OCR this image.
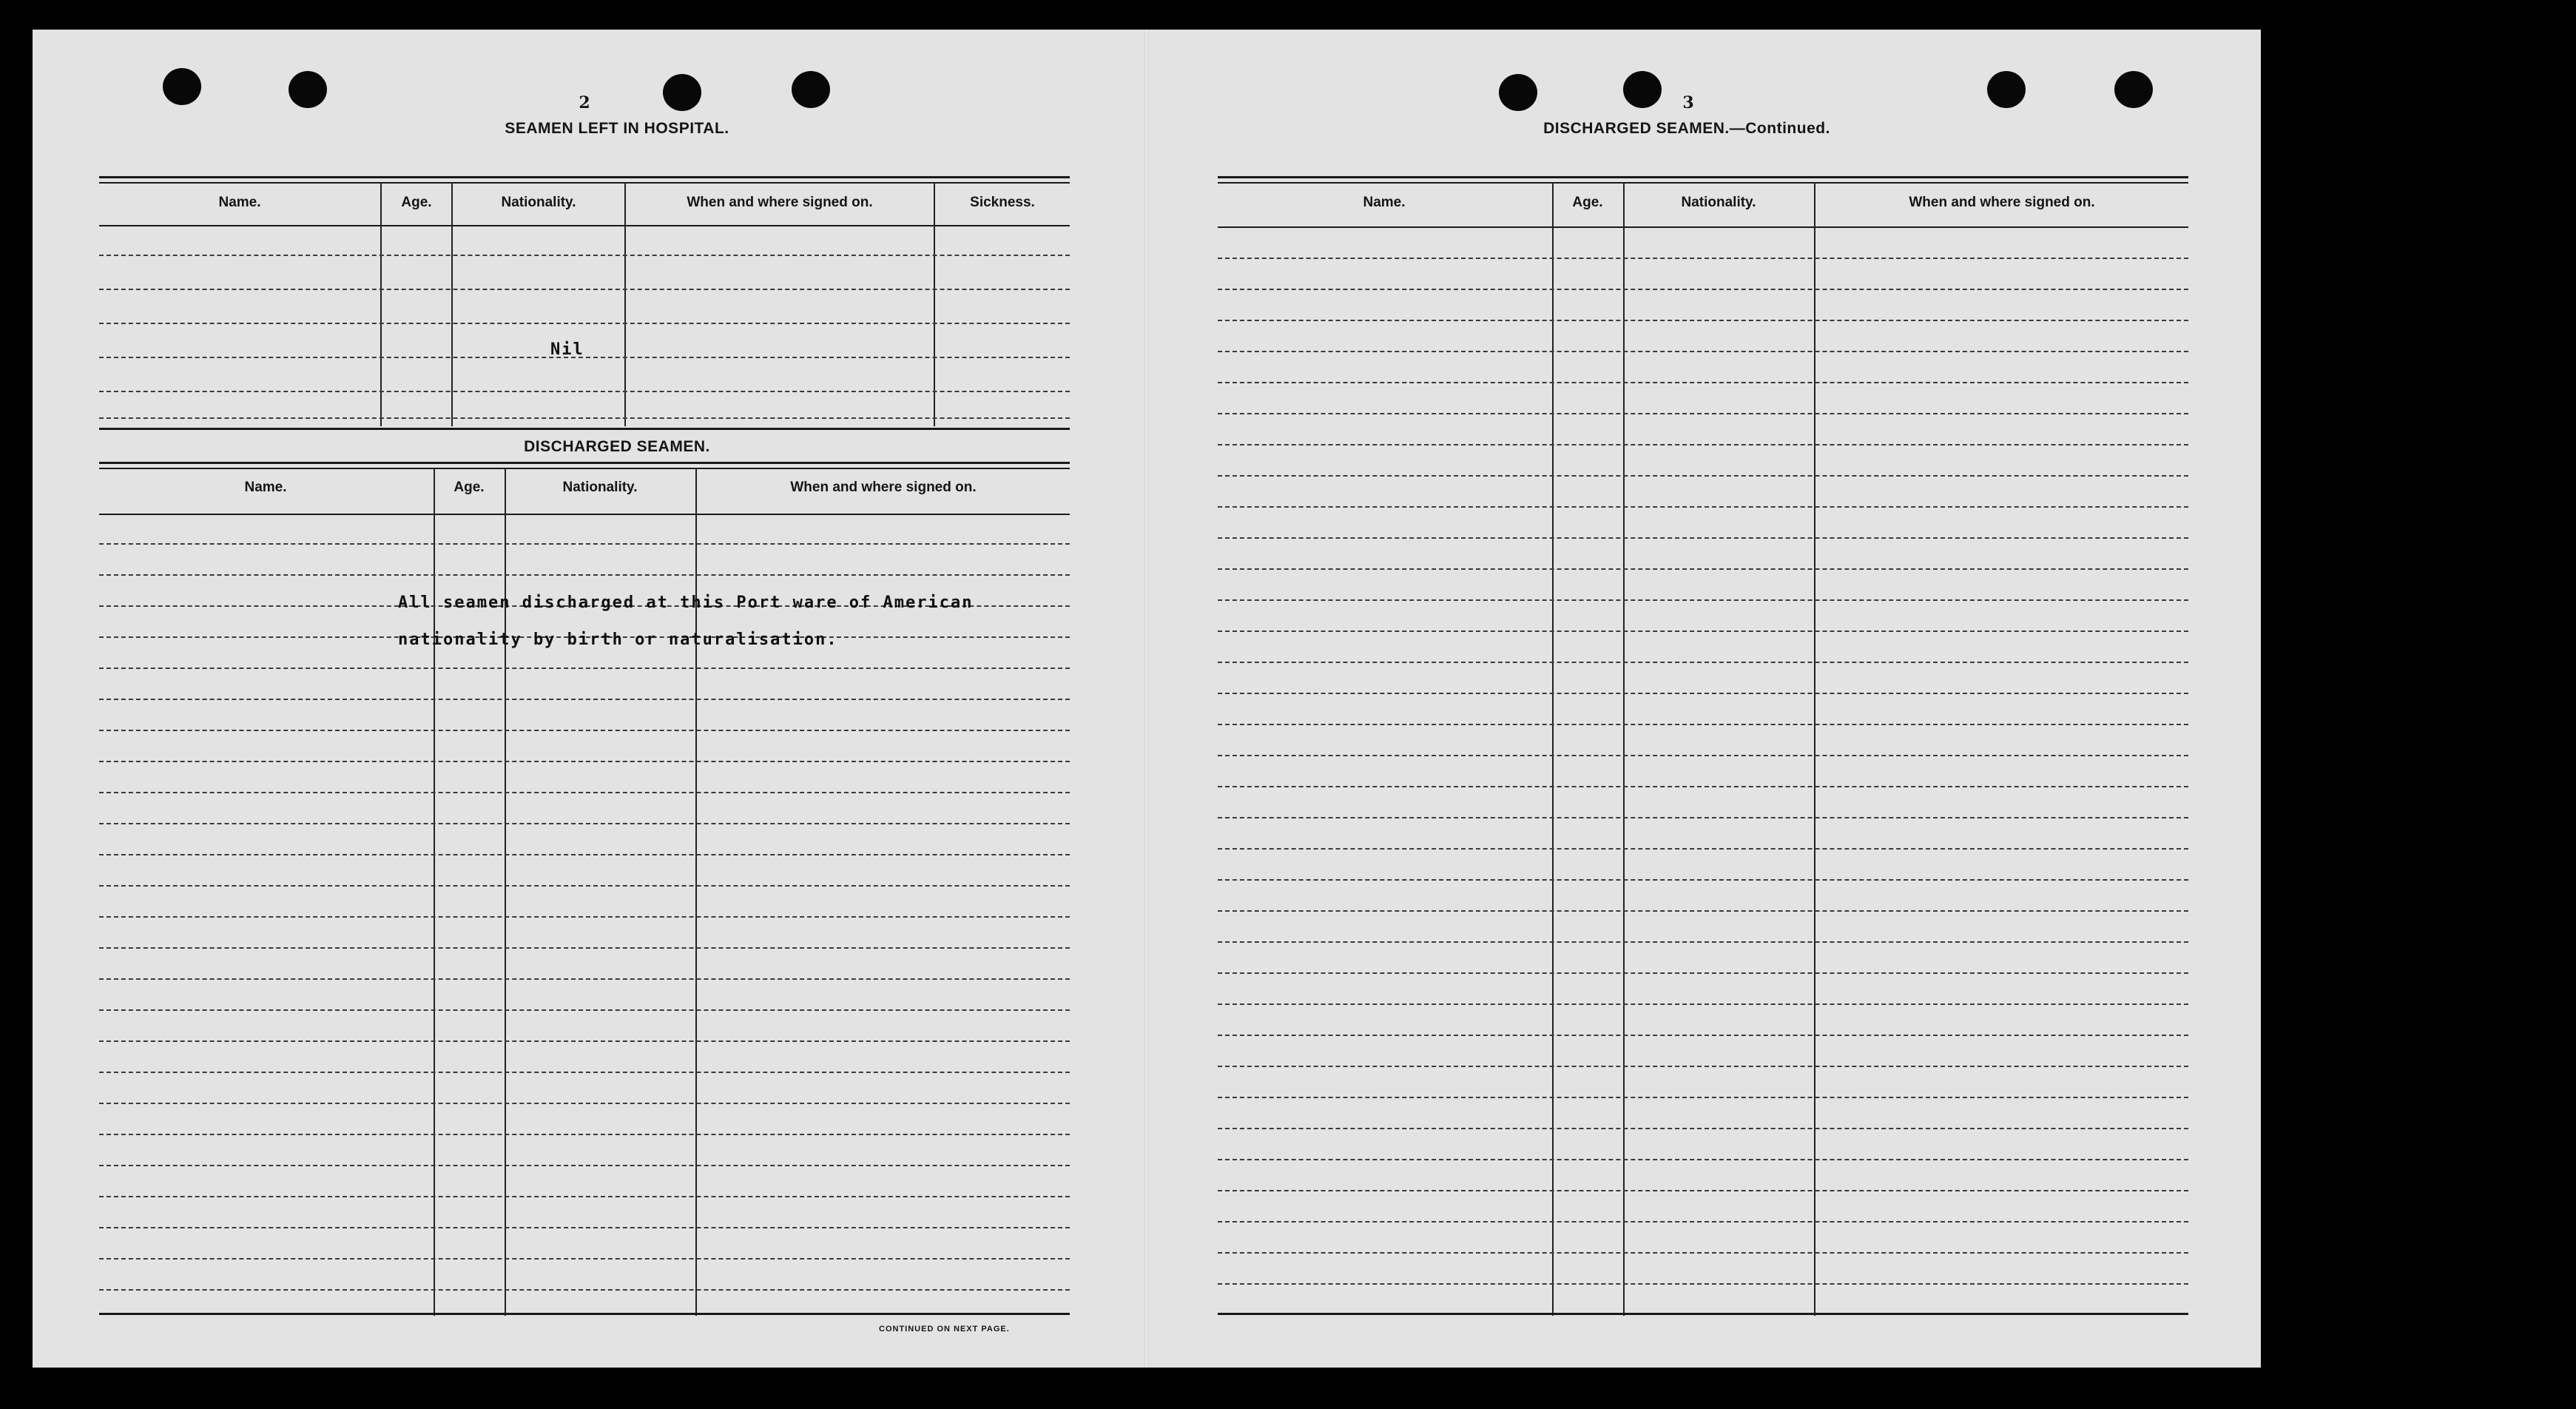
2
SEAMEN LEFT IN HOSPITAL.
Name.	Age.	Nationality.	When and where signed on.	Sickness.
Nil
DISCHARGED SEAMEN.
Name.	Age.	Nationality.	When and where signed on.
All seamen discharged at this Port ware of American
nationality by birth or naturalisation.
CONTINUED ON NEXT PAGE.
3
DISCHARGED SEAMEN.—Continued.
Name.	Age.	Nationality.	When and where signed on.
